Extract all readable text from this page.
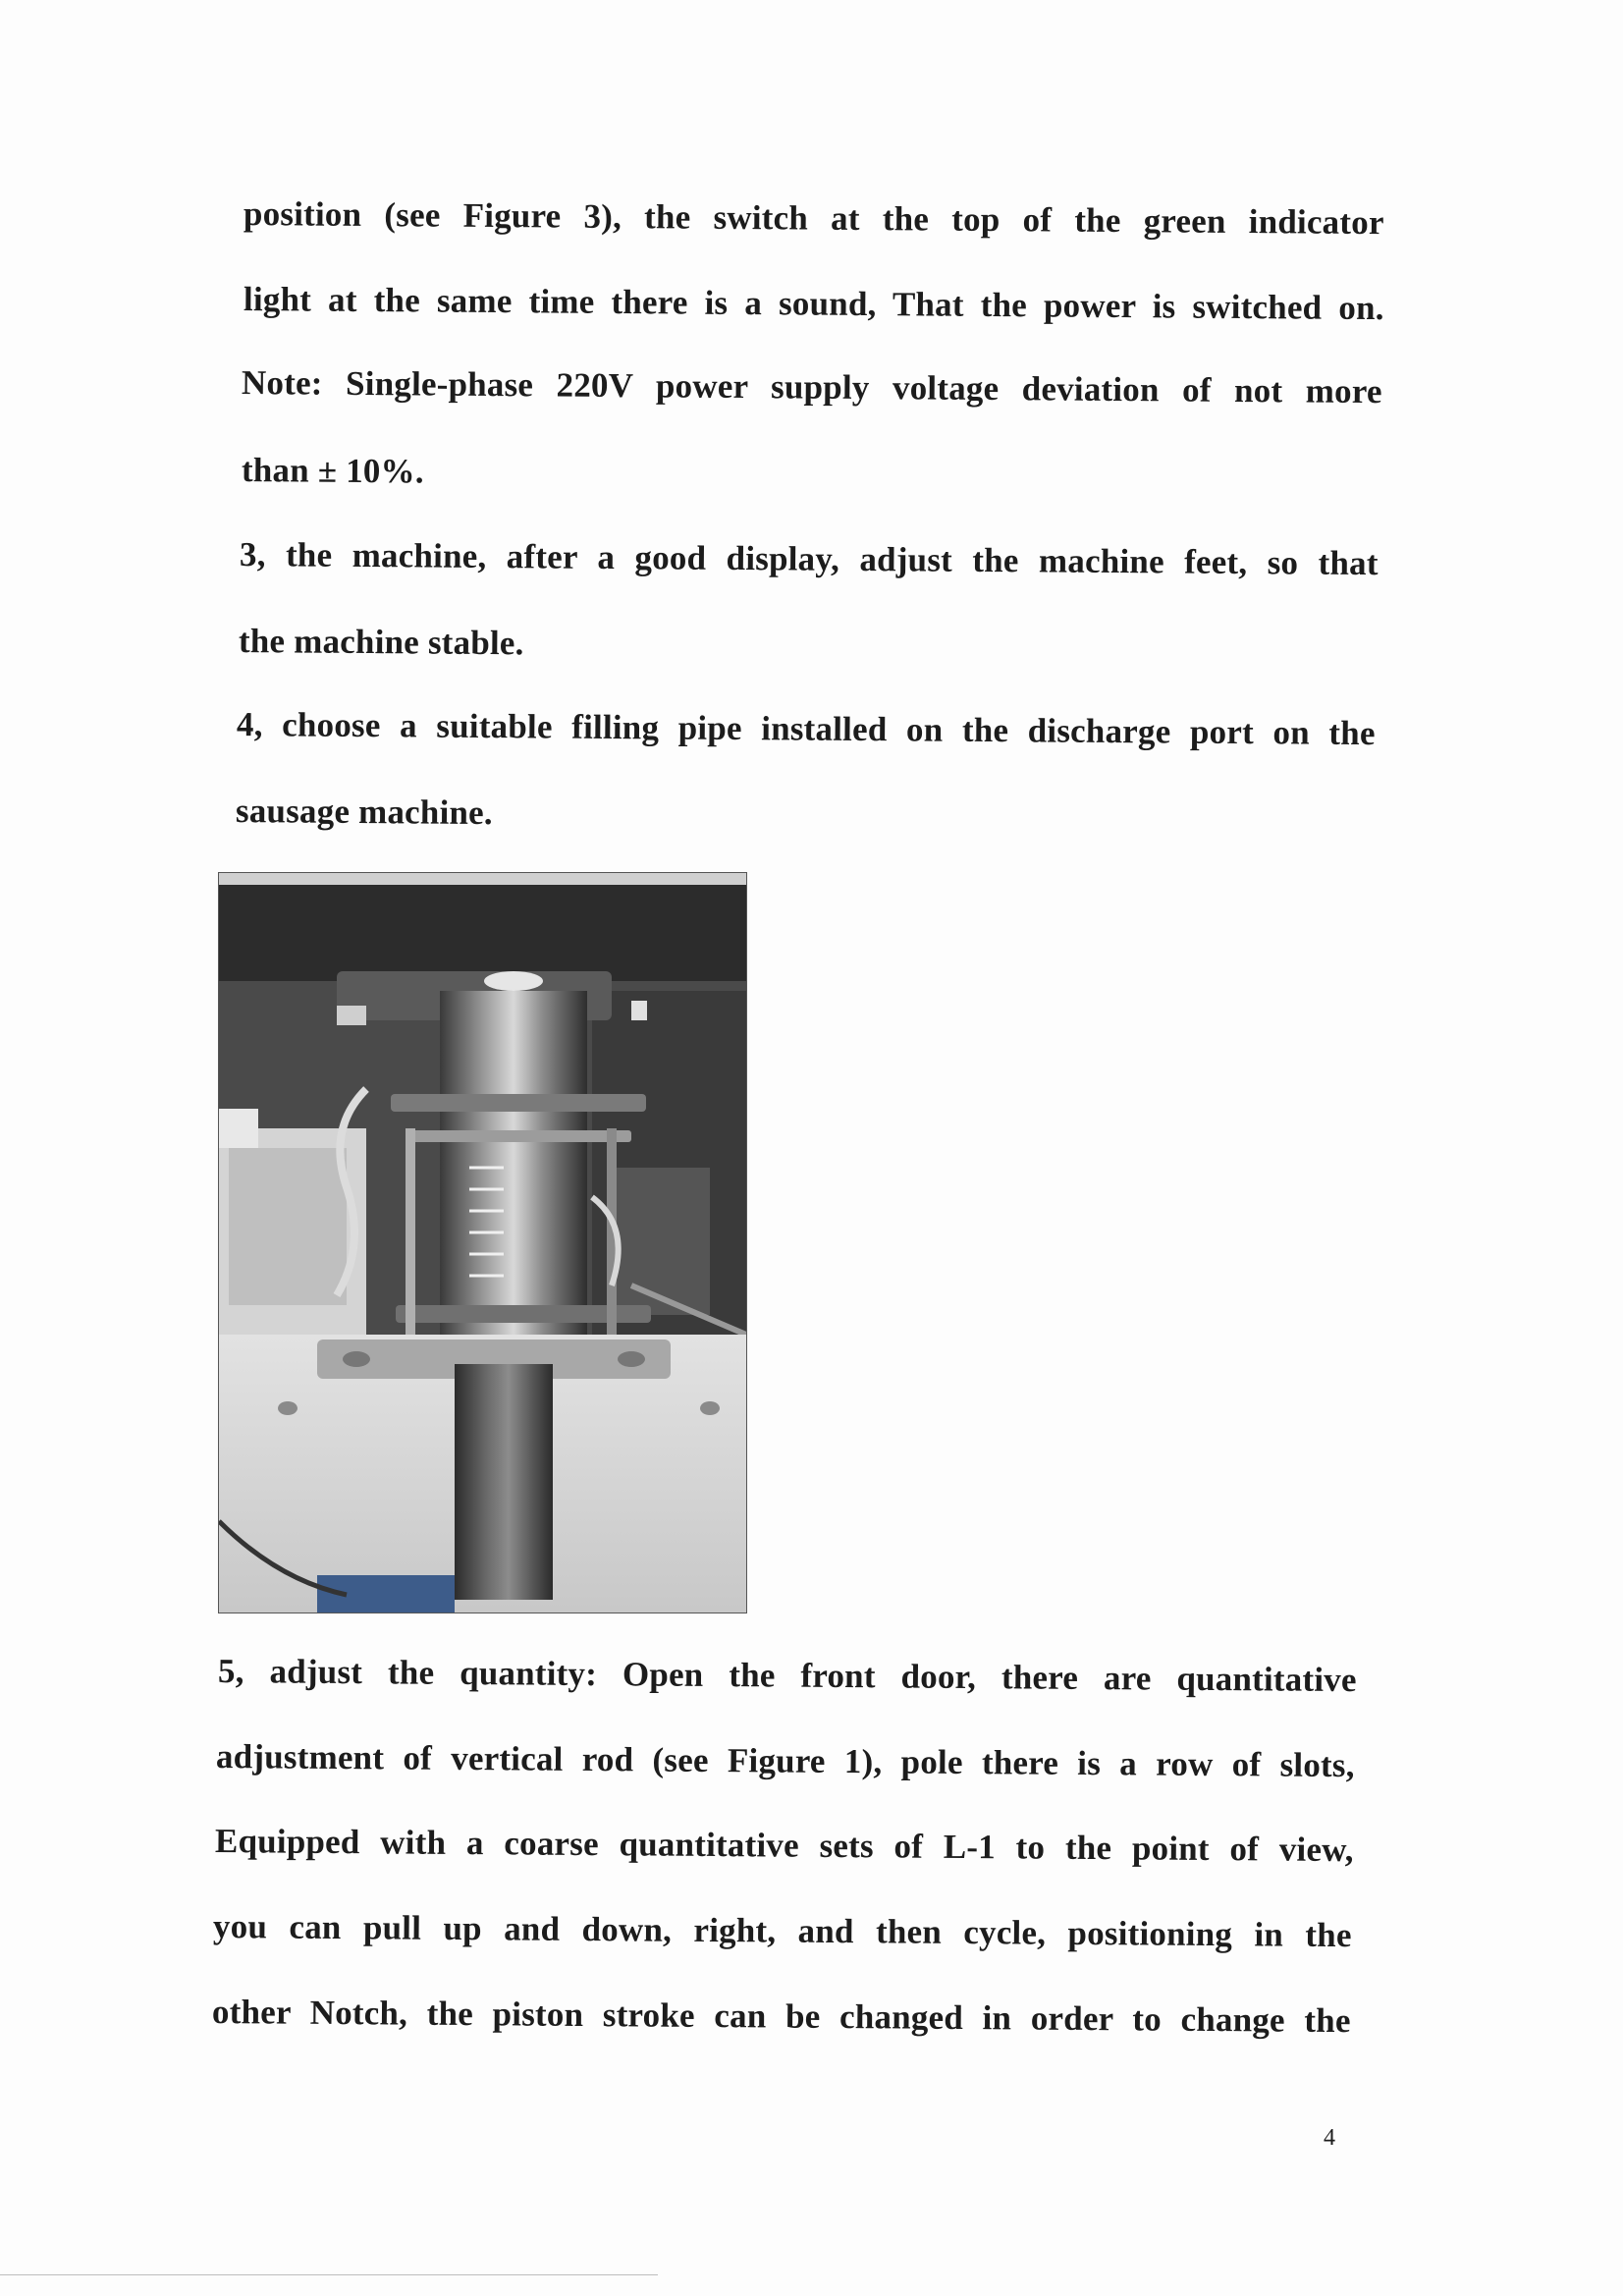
position (see Figure 3), the switch at the top of the green indicator
light at the same time there is a sound, That the power is switched on.
Note: Single-phase 220V power supply voltage deviation of not more
than ± 10%.
3, the machine, after a good display, adjust the machine feet, so that
the machine stable.
4, choose a suitable filling pipe installed on the discharge port on the
sausage machine.
5, adjust the quantity: Open the front door, there are quantitative
adjustment of vertical rod (see Figure 1), pole there is a row of slots,
Equipped with a coarse quantitative sets of L-1 to the point of view,
you can pull up and down, right, and then cycle, positioning in the
other Notch, the piston stroke can be changed in order to change the
4
